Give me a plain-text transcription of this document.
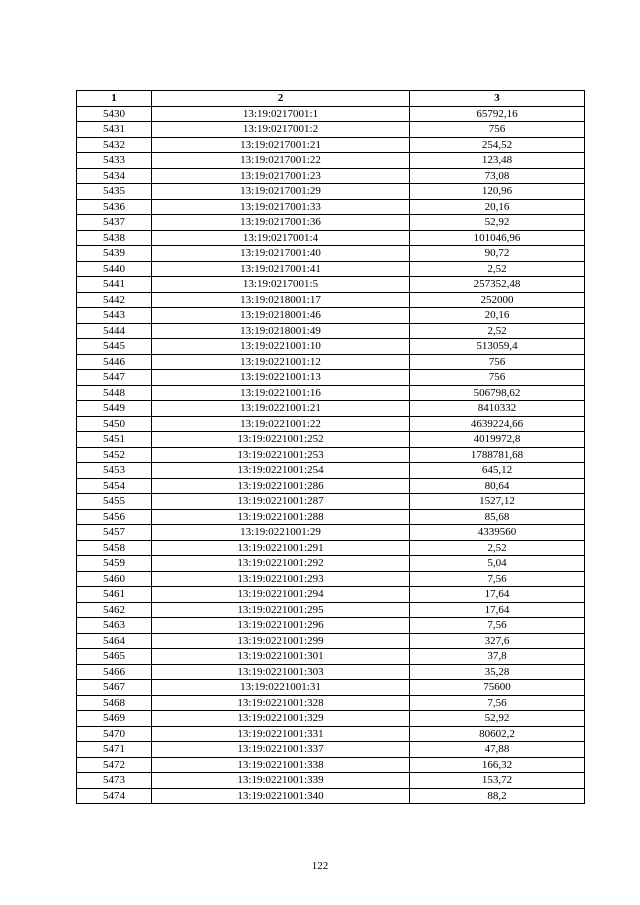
1	2	3
5430	13:19:0217001:1	65792,16
5431	13:19:0217001:2	756
5432	13:19:0217001:21	254,52
5433	13:19:0217001:22	123,48
5434	13:19:0217001:23	73,08
5435	13:19:0217001:29	120,96
5436	13:19:0217001:33	20,16
5437	13:19:0217001:36	52,92
5438	13:19:0217001:4	101046,96
5439	13:19:0217001:40	90,72
5440	13:19:0217001:41	2,52
5441	13:19:0217001:5	257352,48
5442	13:19:0218001:17	252000
5443	13:19:0218001:46	20,16
5444	13:19:0218001:49	2,52
5445	13:19:0221001:10	513059,4
5446	13:19:0221001:12	756
5447	13:19:0221001:13	756
5448	13:19:0221001:16	506798,62
5449	13:19:0221001:21	8410332
5450	13:19:0221001:22	4639224,66
5451	13:19:0221001:252	4019972,8
5452	13:19:0221001:253	1788781,68
5453	13:19:0221001:254	645,12
5454	13:19:0221001:286	80,64
5455	13:19:0221001:287	1527,12
5456	13:19:0221001:288	85,68
5457	13:19:0221001:29	4339560
5458	13:19:0221001:291	2,52
5459	13:19:0221001:292	5,04
5460	13:19:0221001:293	7,56
5461	13:19:0221001:294	17,64
5462	13:19:0221001:295	17,64
5463	13:19:0221001:296	7,56
5464	13:19:0221001:299	327,6
5465	13:19:0221001:301	37,8
5466	13:19:0221001:303	35,28
5467	13:19:0221001:31	75600
5468	13:19:0221001:328	7,56
5469	13:19:0221001:329	52,92
5470	13:19:0221001:331	80602,2
5471	13:19:0221001:337	47,88
5472	13:19:0221001:338	166,32
5473	13:19:0221001:339	153,72
5474	13:19:0221001:340	88,2
122
